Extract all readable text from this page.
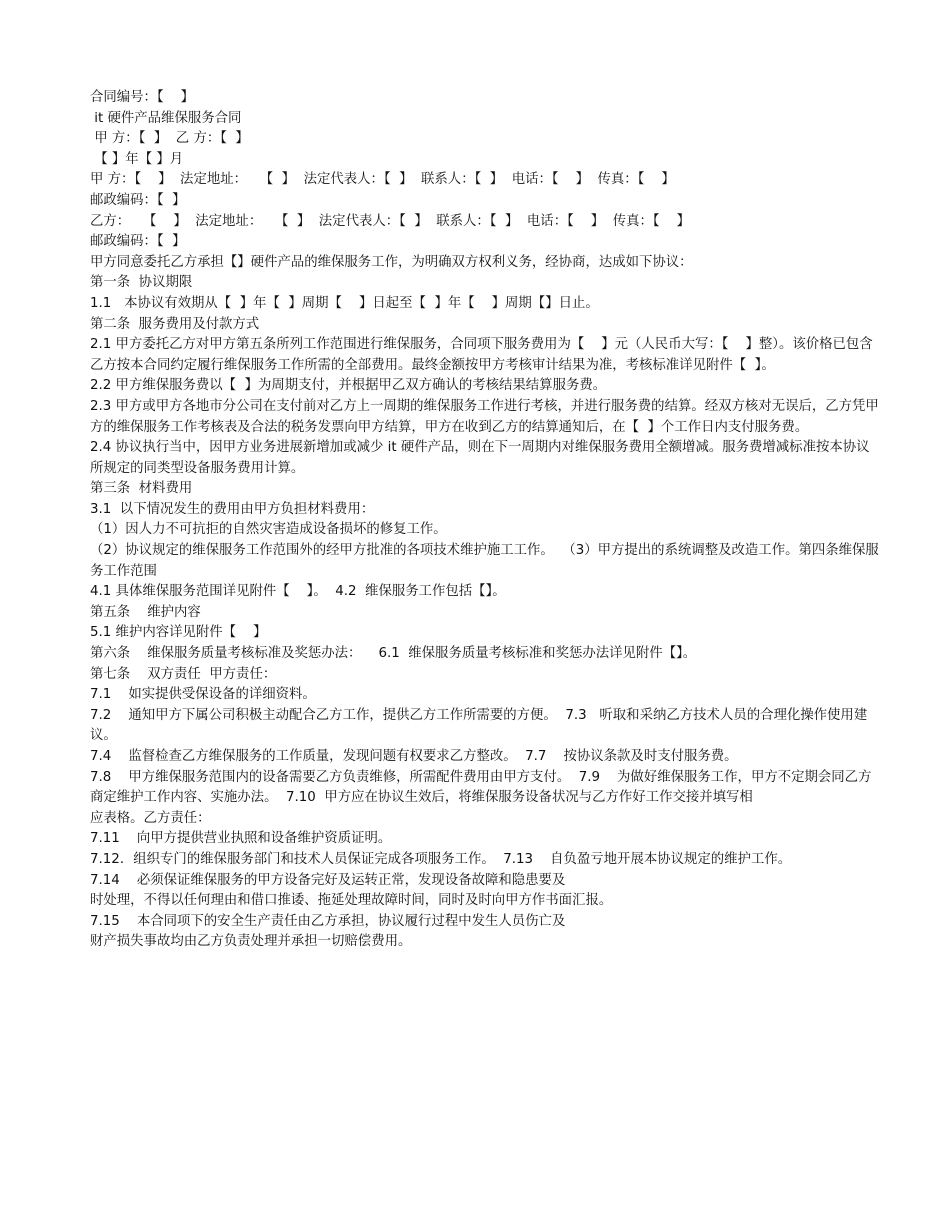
合同编号：【    】

it 硬件产品维保服务合同

甲 方：【  】  乙 方：【  】

【 】年【 】月

甲 方：【    】  法定地址：   【  】  法定代表人：【  】  联系人：【  】  电话：【    】  传真：【    】

邮政编码：【  】

乙方：   【    】  法定地址：   【  】  法定代表人：【  】  联系人：【  】  电话：【    】  传真：【    】

邮政编码：【  】

甲方同意委托乙方承担【】硬件产品的维保服务工作，为明确双方权利义务，经协商，达成如下协议：

第一条  协议期限

1.1   本协议有效期从【  】年【  】周期【    】日起至【  】年【    】周期【】日止。

第二条  服务费用及付款方式

2.1 甲方委托乙方对甲方第五条所列工作范围进行维保服务，合同项下服务费用为【    】元（人民币大写：【    】整）。该价格已包含乙方按本合同约定履行维保服务工作所需的全部费用。最终金额按甲方考核审计结果为准，考核标准详见附件【  】。

2.2 甲方维保服务费以【  】为周期支付，并根据甲乙双方确认的考核结果结算服务费。

2.3 甲方或甲方各地市分公司在支付前对乙方上一周期的维保服务工作进行考核，并进行服务费的结算。经双方核对无误后，乙方凭甲方的维保服务工作考核表及合法的税务发票向甲方结算，甲方在收到乙方的结算通知后，在【  】个工作日内支付服务费。

2.4 协议执行当中，因甲方业务进展新增加或减少 it 硬件产品，则在下一周期内对维保服务费用全额增减。服务费增减标准按本协议所规定的同类型设备服务费用计算。

第三条  材料费用

3.1  以下情况发生的费用由甲方负担材料费用：

（1）因人力不可抗拒的自然灾害造成设备损坏的修复工作。

（2）协议规定的维保服务工作范围外的经甲方批准的各项技术维护施工工作。  （3）甲方提出的系统调整及改造工作。第四条维保服务工作范围

4.1 具体维保服务范围详见附件【    】。  4.2  维保服务工作包括【】。

第五条    维护内容

5.1 维护内容详见附件【    】

第六条    维保服务质量考核标准及奖惩办法：    6.1  维保服务质量考核标准和奖惩办法详见附件【】。

第七条    双方责任  甲方责任：

7.1    如实提供受保设备的详细资料。

7.2    通知甲方下属公司积极主动配合乙方工作，提供乙方工作所需要的方便。  7.3   听取和采纳乙方技术人员的合理化操作使用建议。

7.4    监督检查乙方维保服务的工作质量，发现问题有权要求乙方整改。  7.7    按协议条款及时支付服务费。

7.8    甲方维保服务范围内的设备需要乙方负责维修，所需配件费用由甲方支付。  7.9    为做好维保服务工作，甲方不定期会同乙方商定维护工作内容、实施办法。  7.10  甲方应在协议生效后，将维保服务设备状况与乙方作好工作交接并填写相

应表格。乙方责任：

7.11    向甲方提供营业执照和设备维护资质证明。

7.12．组织专门的维保服务部门和技术人员保证完成各项服务工作。  7.13    自负盈亏地开展本协议规定的维护工作。

7.14    必须保证维保服务的甲方设备完好及运转正常，发现设备故障和隐患要及

时处理，不得以任何理由和借口推诿、拖延处理故障时间，同时及时向甲方作书面汇报。

7.15    本合同项下的安全生产责任由乙方承担，协议履行过程中发生人员伤亡及

财产损失事故均由乙方负责处理并承担一切赔偿费用。
